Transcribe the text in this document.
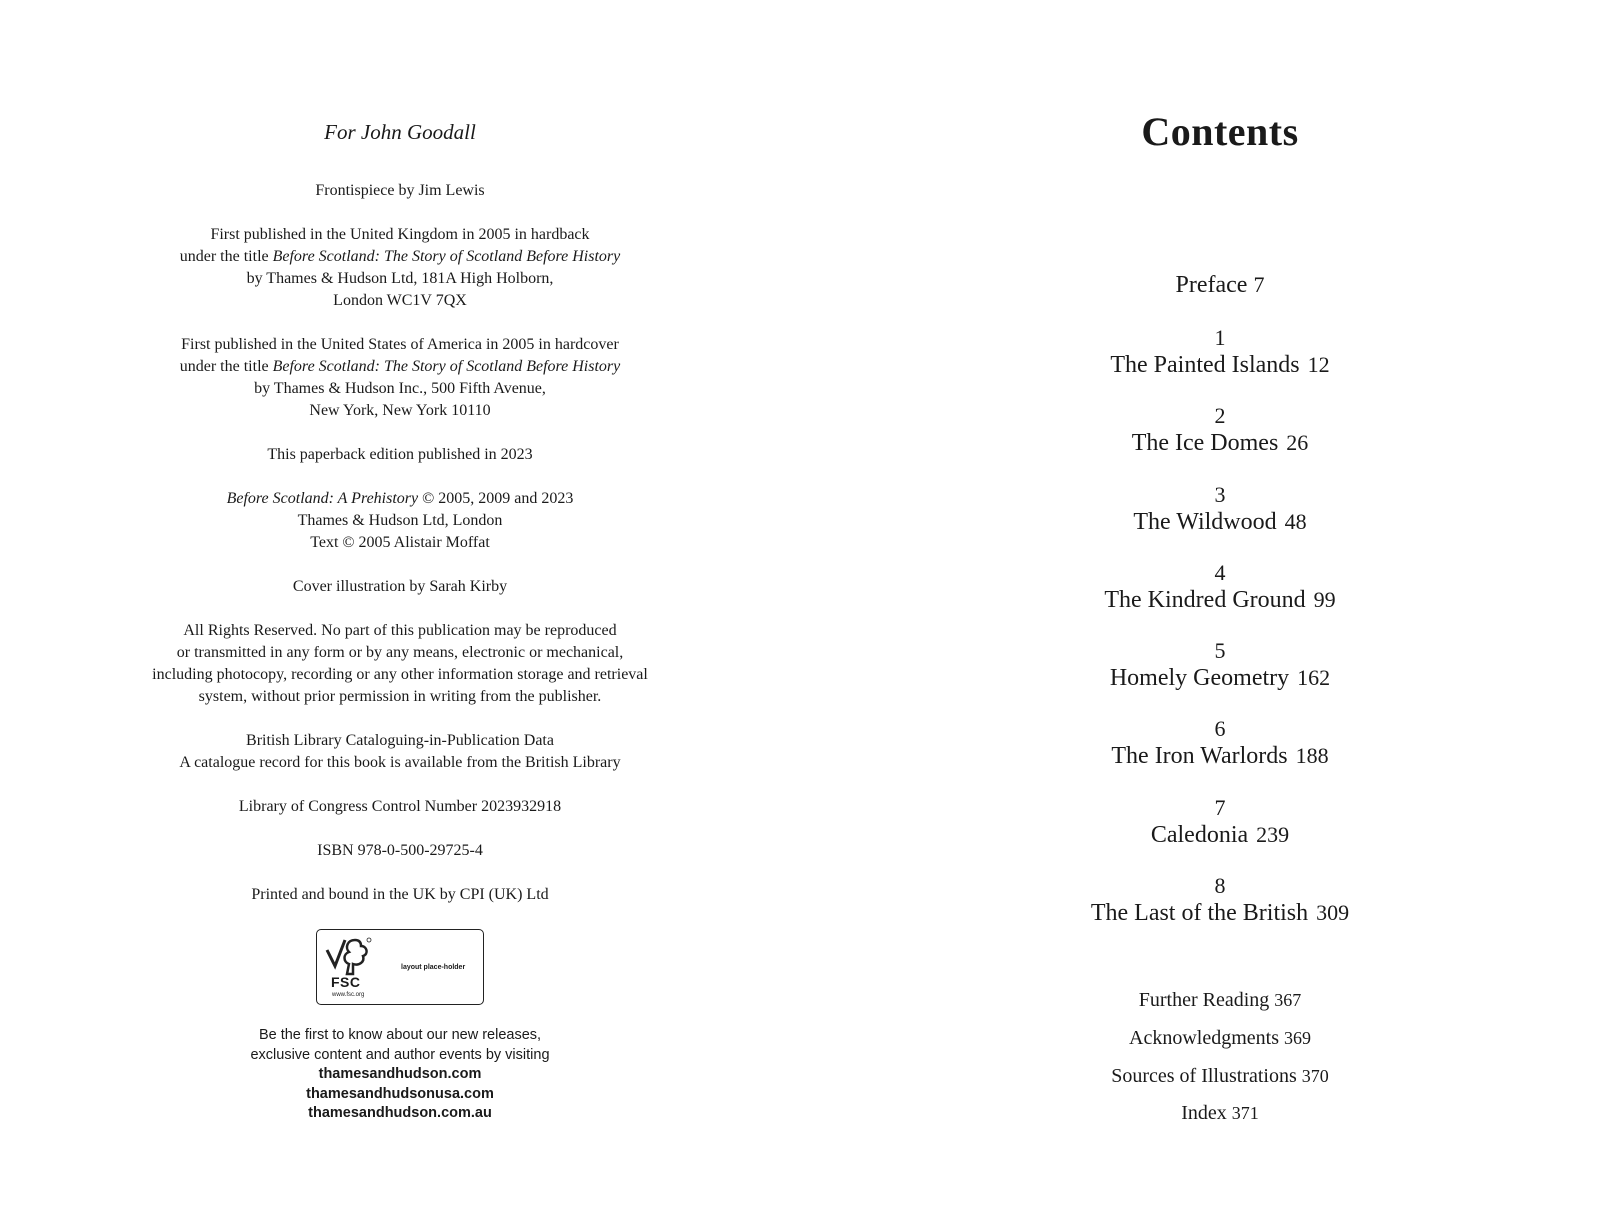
For John Goodall

Frontispiece by Jim Lewis

First published in the United Kingdom in 2005 in hardback
under the title Before Scotland: The Story of Scotland Before History
by Thames & Hudson Ltd, 181A High Holborn,
London WC1V 7QX

First published in the United States of America in 2005 in hardcover
under the title Before Scotland: The Story of Scotland Before History
by Thames & Hudson Inc., 500 Fifth Avenue,
New York, New York 10110

This paperback edition published in 2023

Before Scotland: A Prehistory © 2005, 2009 and 2023
Thames & Hudson Ltd, London
Text © 2005 Alistair Moffat

Cover illustration by Sarah Kirby

All Rights Reserved. No part of this publication may be reproduced
or transmitted in any form or by any means, electronic or mechanical,
including photocopy, recording or any other information storage and retrieval
system, without prior permission in writing from the publisher.

British Library Cataloguing-in-Publication Data
A catalogue record for this book is available from the British Library

Library of Congress Control Number 2023932918

ISBN 978-0-500-29725-4

Printed and bound in the UK by CPI (UK) Ltd

FSC
www.fsc.org
layout place-holder
Be the first to know about our new releases,
exclusive content and author events by visiting
thamesandhudson.com
thamesandhudsonusa.com
thamesandhudson.com.au
Contents
Preface 7
1
The Painted Islands 12
2
The Ice Domes 26
3
The Wildwood 48
4
The Kindred Ground 99
5
Homely Geometry 162
6
The Iron Warlords 188
7
Caledonia 239
8
The Last of the British 309
Further Reading 367
Acknowledgments 369
Sources of Illustrations 370
Index 371
